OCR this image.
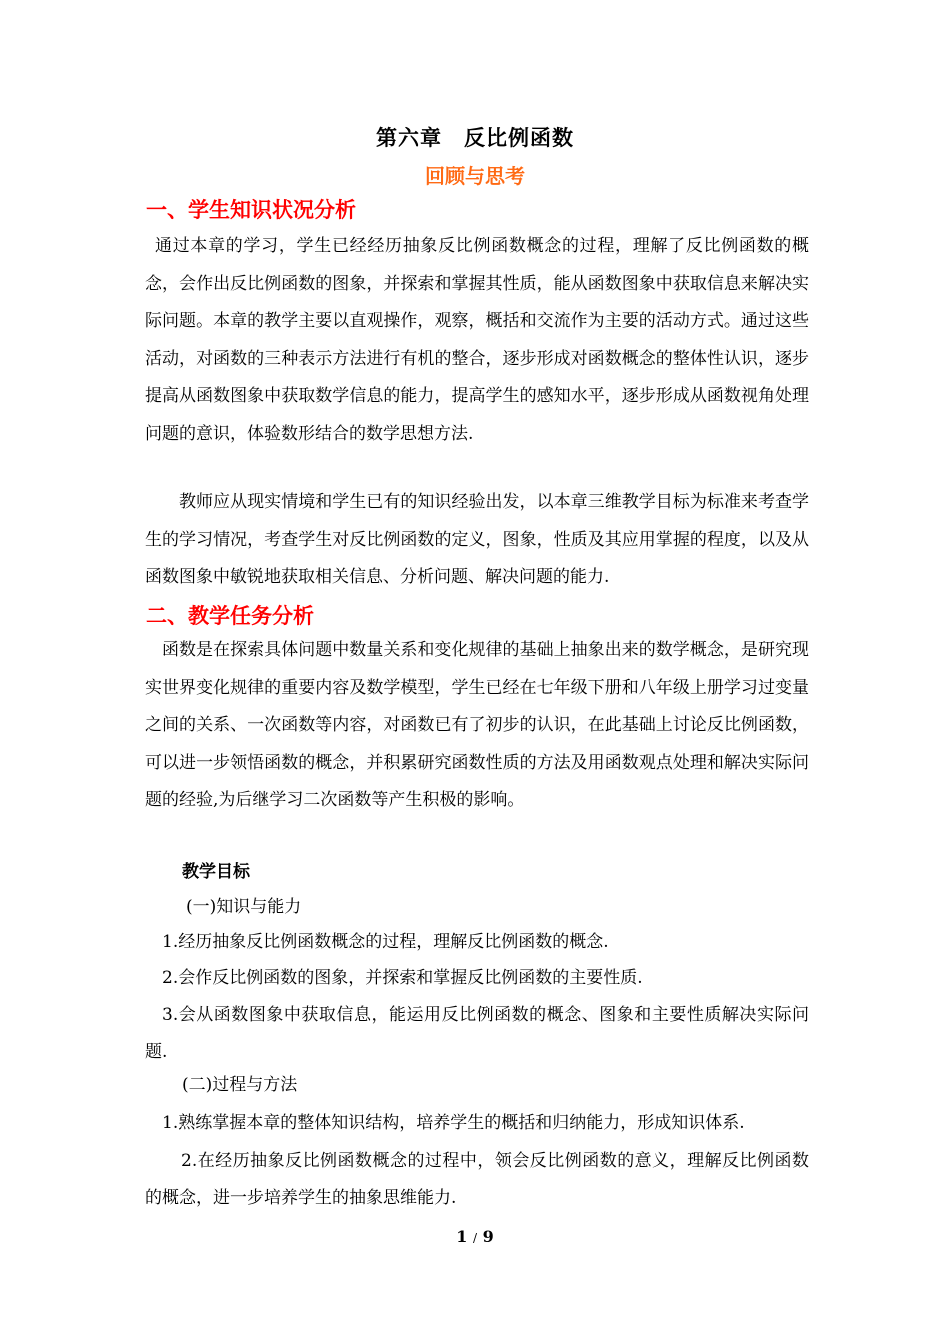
第六章　反比例函数
回顾与思考
一、学生知识状况分析

通过本章的学习，学生已经经历抽象反比例函数概念的过程，理解了反比例函数的概念，会作出反比例函数的图象，并探索和掌握其性质，能从函数图象中获取信息来解决实际问题。本章的教学主要以直观操作，观察，概括和交流作为主要的活动方式。通过这些活动，对函数的三种表示方法进行有机的整合，逐步形成对函数概念的整体性认识，逐步提高从函数图象中获取数学信息的能力，提高学生的感知水平，逐步形成从函数视角处理问题的意识，体验数形结合的数学思想方法.

教师应从现实情境和学生已有的知识经验出发，以本章三维教学目标为标准来考查学生的学习情况，考查学生对反比例函数的定义，图象，性质及其应用掌握的程度，以及从函数图象中敏锐地获取相关信息、分析问题、解决问题的能力.

二、教学任务分析

函数是在探索具体问题中数量关系和变化规律的基础上抽象出来的数学概念，是研究现实世界变化规律的重要内容及数学模型，学生已经在七年级下册和八年级上册学习过变量之间的关系、一次函数等内容，对函数已有了初步的认识，在此基础上讨论反比例函数，可以进一步领悟函数的概念，并积累研究函数性质的方法及用函数观点处理和解决实际问题的经验,为后继学习二次函数等产生积极的影响。

教学目标

(一)知识与能力

1.经历抽象反比例函数概念的过程，理解反比例函数的概念.

2.会作反比例函数的图象，并探索和掌握反比例函数的主要性质.

3.会从函数图象中获取信息，能运用反比例函数的概念、图象和主要性质解决实际问题.

(二)过程与方法

1.熟练掌握本章的整体知识结构，培养学生的概括和归纳能力，形成知识体系.

2.在经历抽象反比例函数概念的过程中，领会反比例函数的意义，理解反比例函数的概念，进一步培养学生的抽象思维能力.

1 / 9
